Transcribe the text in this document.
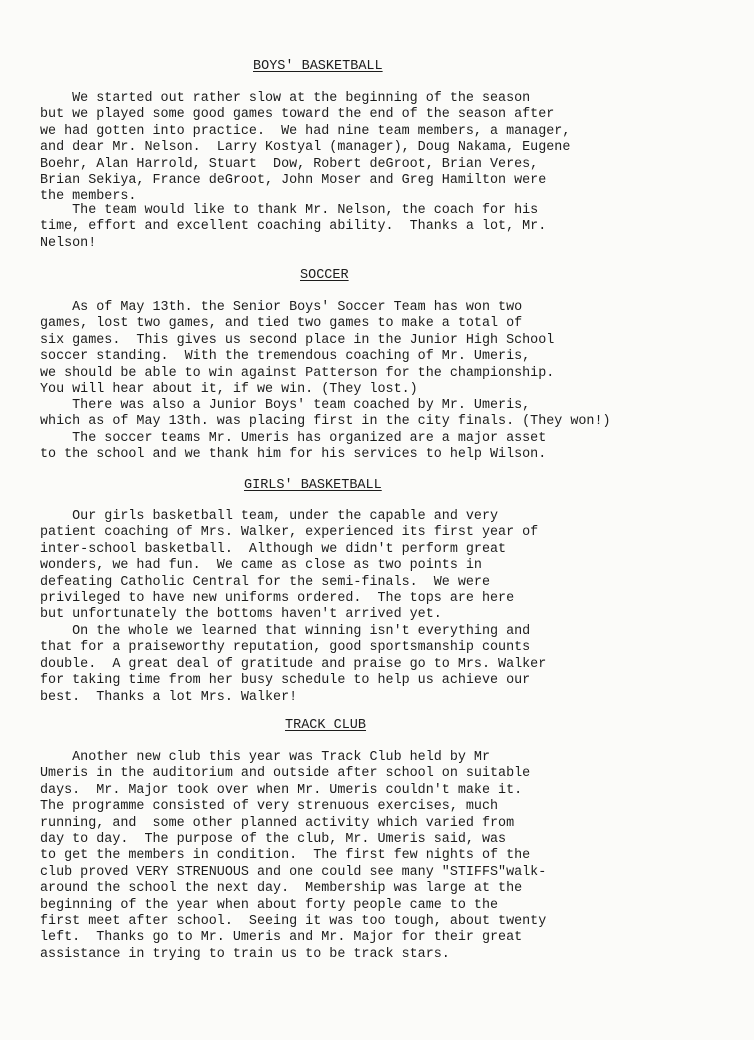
BOYS' BASKETBALL
We started out rather slow at the beginning of the season
but we played some good games toward the end of the season after
we had gotten into practice.  We had nine team members, a manager,
and dear Mr. Nelson.  Larry Kostyal (manager), Doug Nakama, Eugene
Boehr, Alan Harrold, Stuart  Dow, Robert deGroot, Brian Veres,
Brian Sekiya, France deGroot, John Moser and Greg Hamilton were
the members.
The team would like to thank Mr. Nelson, the coach for his
time, effort and excellent coaching ability.  Thanks a lot, Mr.
Nelson!
SOCCER
As of May 13th. the Senior Boys' Soccer Team has won two
games, lost two games, and tied two games to make a total of
six games.  This gives us second place in the Junior High School
soccer standing.  With the tremendous coaching of Mr. Umeris,
we should be able to win against Patterson for the championship.
You will hear about it, if we win. (They lost.)
There was also a Junior Boys' team coached by Mr. Umeris,
which as of May 13th. was placing first in the city finals. (They won!)
The soccer teams Mr. Umeris has organized are a major asset
to the school and we thank him for his services to help Wilson.
GIRLS' BASKETBALL
Our girls basketball team, under the capable and very
patient coaching of Mrs. Walker, experienced its first year of
inter-school basketball.  Although we didn't perform great
wonders, we had fun.  We came as close as two points in
defeating Catholic Central for the semi-finals.  We were
privileged to have new uniforms ordered.  The tops are here
but unfortunately the bottoms haven't arrived yet.
On the whole we learned that winning isn't everything and
that for a praiseworthy reputation, good sportsmanship counts
double.  A great deal of gratitude and praise go to Mrs. Walker
for taking time from her busy schedule to help us achieve our
best.  Thanks a lot Mrs. Walker!
TRACK CLUB
Another new club this year was Track Club held by Mr
Umeris in the auditorium and outside after school on suitable
days.  Mr. Major took over when Mr. Umeris couldn't make it.
The programme consisted of very strenuous exercises, much
running, and  some other planned activity which varied from
day to day.  The purpose of the club, Mr. Umeris said, was
to get the members in condition.  The first few nights of the
club proved VERY STRENUOUS and one could see many "STIFFS"walk-
around the school the next day.  Membership was large at the
beginning of the year when about forty people came to the
first meet after school.  Seeing it was too tough, about twenty
left.  Thanks go to Mr. Umeris and Mr. Major for their great
assistance in trying to train us to be track stars.
